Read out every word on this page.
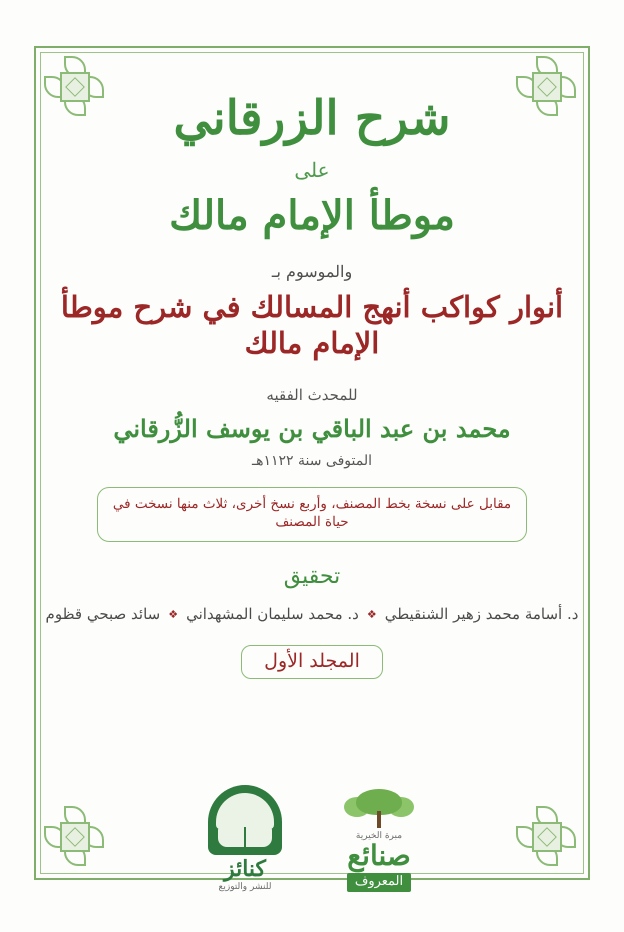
شرح الزرقاني
على
موطأ الإمام مالك
والموسوم بـ
أنوار كواكب أنهج المسالك في شرح موطأ الإمام مالك
للمحدث الفقيه
محمد بن عبد الباقي بن يوسف الزُّرقاني
المتوفى سنة ١١٢٢هـ
مقابل على نسخة بخط المصنف، وأربع نسخ أخرى، ثلاث منها نسخت في حياة المصنف
تحقيق
د. أسامة محمد زهير الشنقيطي
❖
د. محمد سليمان المشهداني
❖
سائد صبحي قظوم
المجلد الأول
كنائز
للنشر والتوزيع
مبرة الخيرية
صنائع
المعروف
